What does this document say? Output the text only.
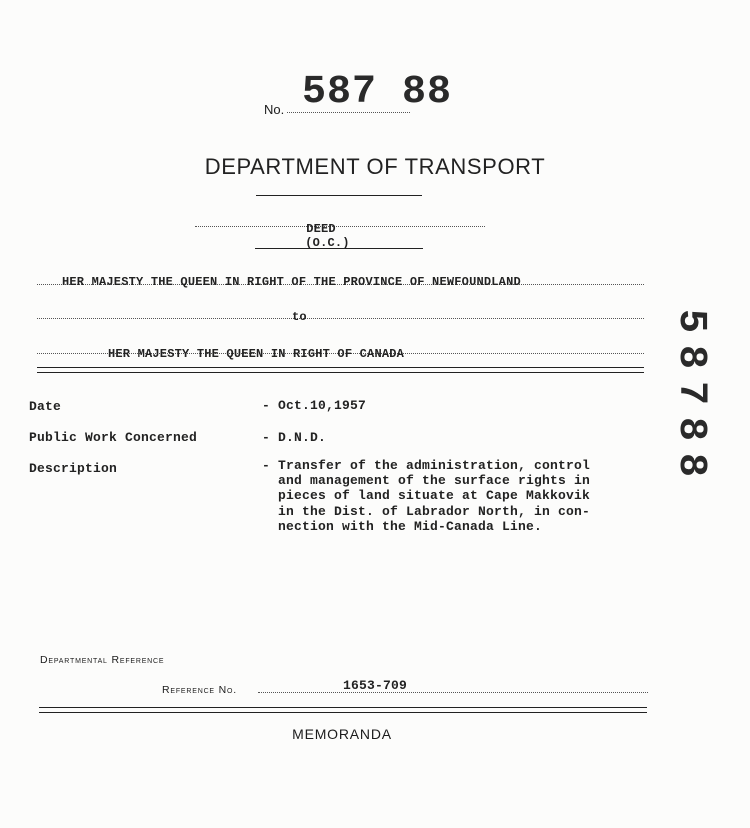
No. 587 88
DEPARTMENT OF TRANSPORT
DEED
(O.C.)
HER MAJESTY THE QUEEN IN RIGHT OF THE PROVINCE OF NEWFOUNDLAND
to
HER MAJESTY THE QUEEN IN RIGHT OF CANADA
Date	- Oct.10,1957
Public Work Concerned	- D.N.D.
Description	- Transfer of the administration, control
and management of the surface rights in
pieces of land situate at Cape Makkovik
in the Dist. of Labrador North, in con-
nection with the Mid-Canada Line.
5
8
7
8
8
Departmental Reference
Reference No.	1653-709
MEMORANDA
